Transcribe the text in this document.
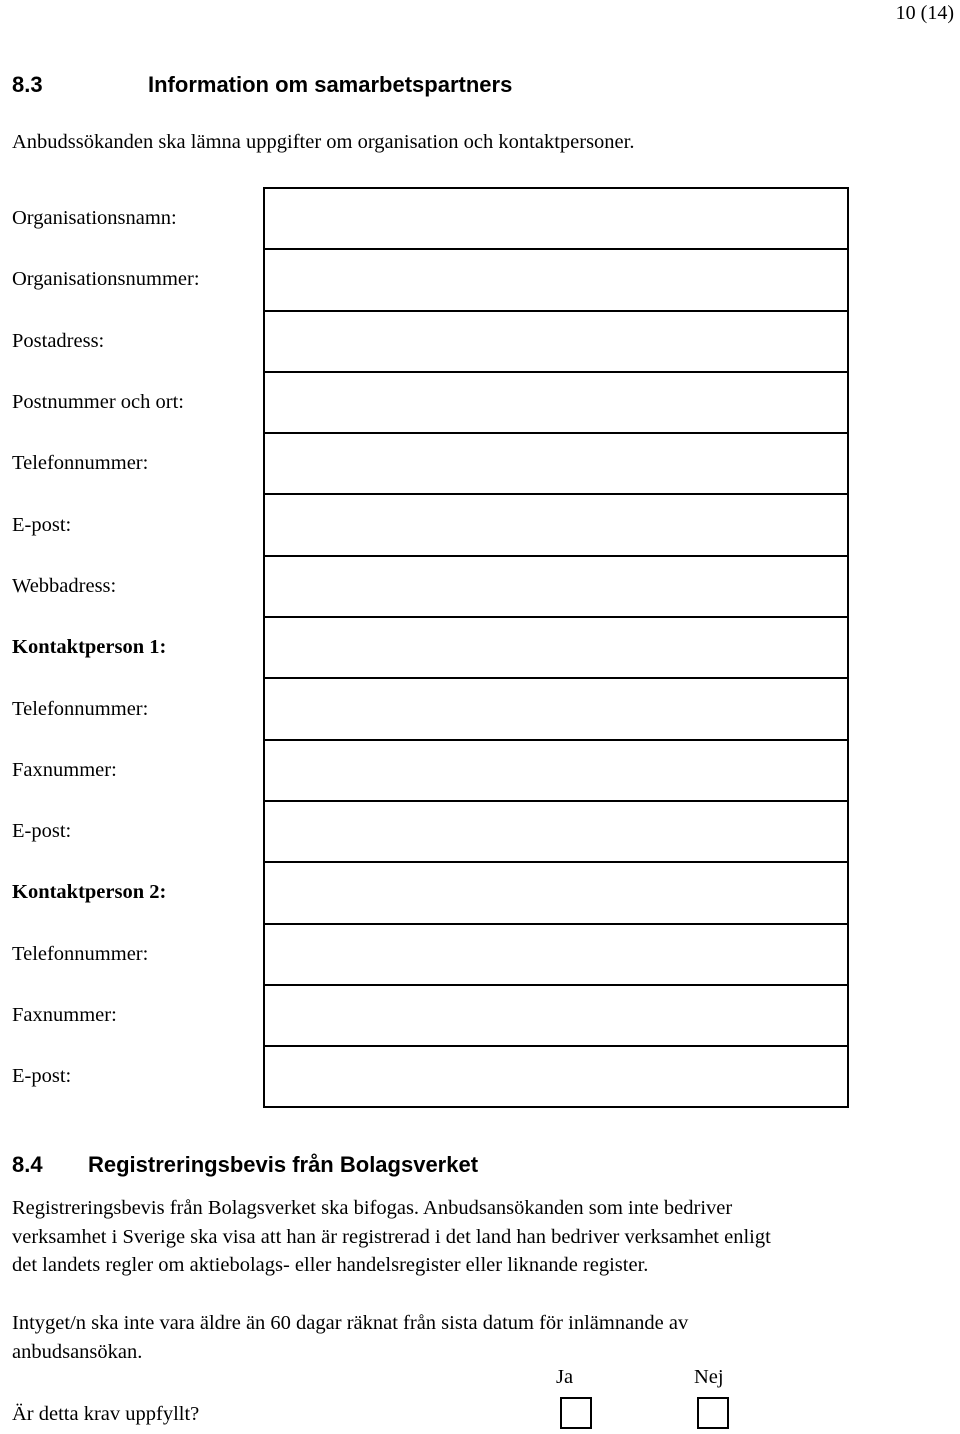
10 (14)
8.3	Information om samarbetspartners
Anbudssökanden ska lämna uppgifter om organisation och kontaktpersoner.
Organisationsnamn:	
Organisationsnummer:	
Postadress:	
Postnummer och ort:	
Telefonnummer:	
E-post:	
Webbadress:	
Kontaktperson 1:	
Telefonnummer:	
Faxnummer:	
E-post:	
Kontaktperson 2:	
Telefonnummer:	
Faxnummer:	
E-post:	
8.4 Registreringsbevis från Bolagsverket
Registreringsbevis från Bolagsverket ska bifogas. Anbudsansökanden som inte bedriver
verksamhet i Sverige ska visa att han är registrerad i det land han bedriver verksamhet enligt
det landets regler om aktiebolags- eller handelsregister eller liknande register.
Intyget/n ska inte vara äldre än 60 dagar räknat från sista datum för inlämnande av
anbudsansökan.
Ja	Nej
Är detta krav uppfyllt?
